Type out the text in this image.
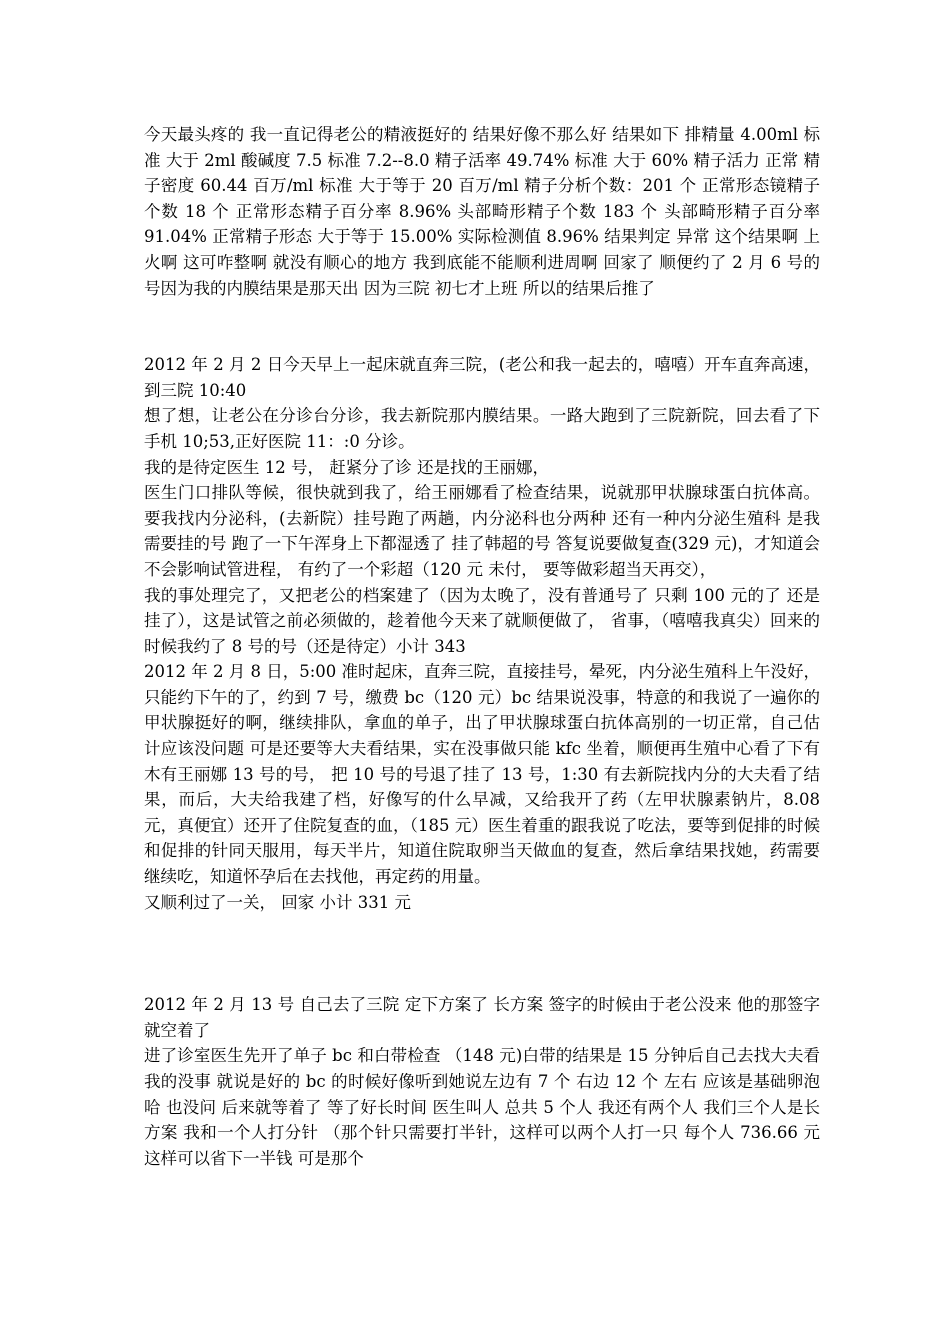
今天最头疼的 我一直记得老公的精液挺好的 结果好像不那么好 结果如下 排精量 4.00ml 标准 大于 2ml 酸碱度 7.5 标准 7.2--8.0 精子活率 49.74% 标准 大于 60% 精子活力 正常 精子密度 60.44 百万/ml 标准 大于等于 20 百万/ml 精子分析个数：201 个 正常形态镜精子个数 18 个 正常形态精子百分率 8.96% 头部畸形精子个数 183 个 头部畸形精子百分率 91.04% 正常精子形态 大于等于 15.00% 实际检测值 8.96% 结果判定 异常 这个结果啊 上火啊 这可咋整啊 就没有顺心的地方 我到底能不能顺利进周啊 回家了 顺便约了 2 月 6 号的号因为我的内膜结果是那天出 因为三院 初七才上班 所以的结果后推了

2012 年 2 月 2 日今天早上一起床就直奔三院，(老公和我一起去的，嘻嘻）开车直奔高速，到三院 10:40

想了想，让老公在分诊台分诊，我去新院那内膜结果。一路大跑到了三院新院，回去看了下手机 10;53,正好医院 11：:0 分诊。

我的是待定医生 12 号， 赶紧分了诊 还是找的王丽娜，

医生门口排队等候，很快就到我了，给王丽娜看了检查结果，说就那甲状腺球蛋白抗体高。要我找内分泌科，(去新院）挂号跑了两趟，内分泌科也分两种 还有一种内分泌生殖科 是我需要挂的号 跑了一下午浑身上下都湿透了 挂了韩超的号 答复说要做复查(329 元)，才知道会不会影响试管进程， 有约了一个彩超（120 元 未付， 要等做彩超当天再交），

我的事处理完了，又把老公的档案建了（因为太晚了，没有普通号了 只剩 100 元的了 还是挂了），这是试管之前必须做的，趁着他今天来了就顺便做了， 省事，（嘻嘻我真尖）回来的时候我约了 8 号的号（还是待定）小计 343

2012 年 2 月 8 日，5:00 准时起床，直奔三院，直接挂号，晕死，内分泌生殖科上午没好，只能约下午的了，约到 7 号，缴费 bc（120 元）bc 结果说没事，特意的和我说了一遍你的甲状腺挺好的啊，继续排队，拿血的单子，出了甲状腺球蛋白抗体高别的一切正常，自己估计应该没问题 可是还要等大夫看结果，实在没事做只能 kfc 坐着，顺便再生殖中心看了下有木有王丽娜 13 号的号， 把 10 号的号退了挂了 13 号，1:30 有去新院找内分的大夫看了结果，而后，大夫给我建了档，好像写的什么早减，又给我开了药（左甲状腺素钠片，8.08 元，真便宜）还开了住院复查的血，（185 元）医生着重的跟我说了吃法，要等到促排的时候和促排的针同天服用，每天半片，知道住院取卵当天做血的复查，然后拿结果找她，药需要继续吃，知道怀孕后在去找他，再定药的用量。

又顺利过了一关， 回家 小计 331 元

2012 年 2 月 13 号 自己去了三院 定下方案了 长方案 签字的时候由于老公没来 他的那签字就空着了

进了诊室医生先开了单子 bc 和白带检查 （148 元)白带的结果是 15 分钟后自己去找大夫看 我的没事 就说是好的 bc 的时候好像听到她说左边有 7 个 右边 12 个 左右 应该是基础卵泡哈 也没问 后来就等着了 等了好长时间 医生叫人 总共 5 个人 我还有两个人 我们三个人是长方案 我和一个人打分针 （那个针只需要打半针，这样可以两个人打一只 每个人 736.66 元 这样可以省下一半钱 可是那个
